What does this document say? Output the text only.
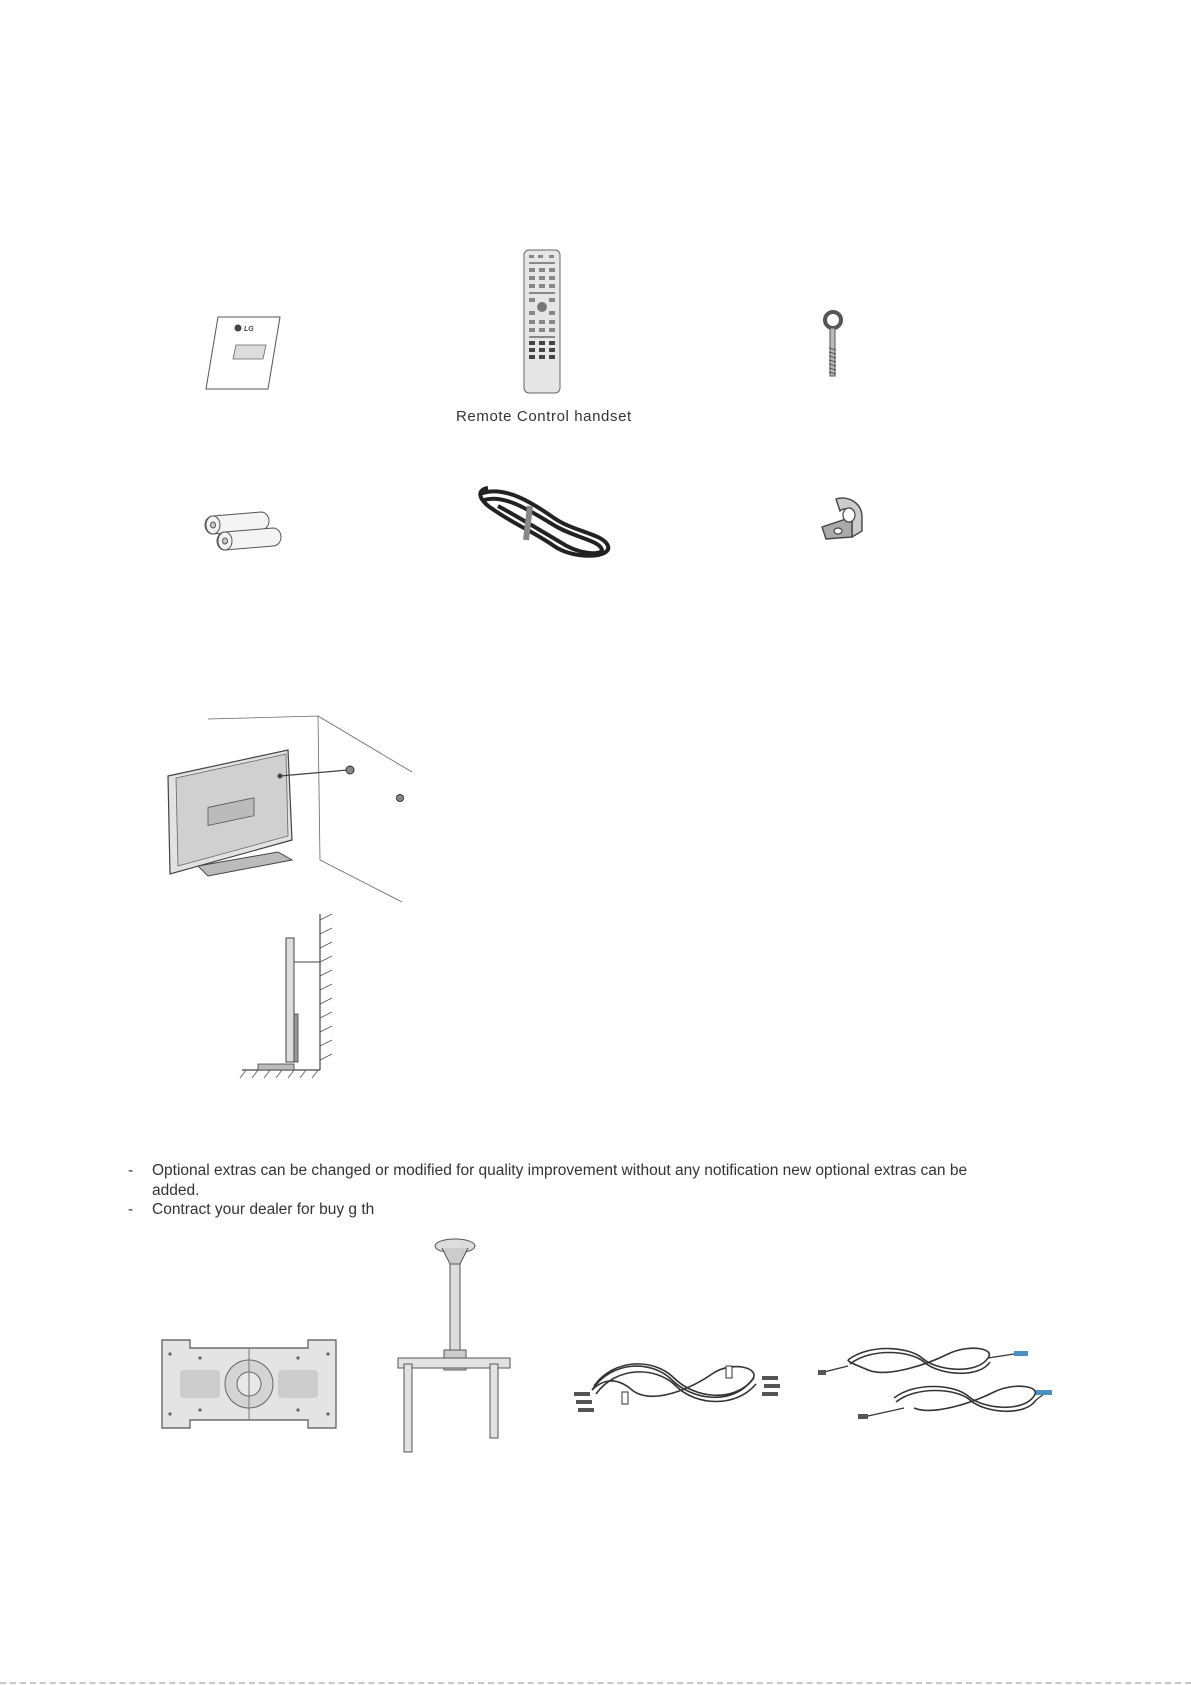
LG
Remote Control handset
- Optional extras can be changed or modified for quality improvement without any notification new optional extras can be
added.
- Contract your dealer for buy g th
